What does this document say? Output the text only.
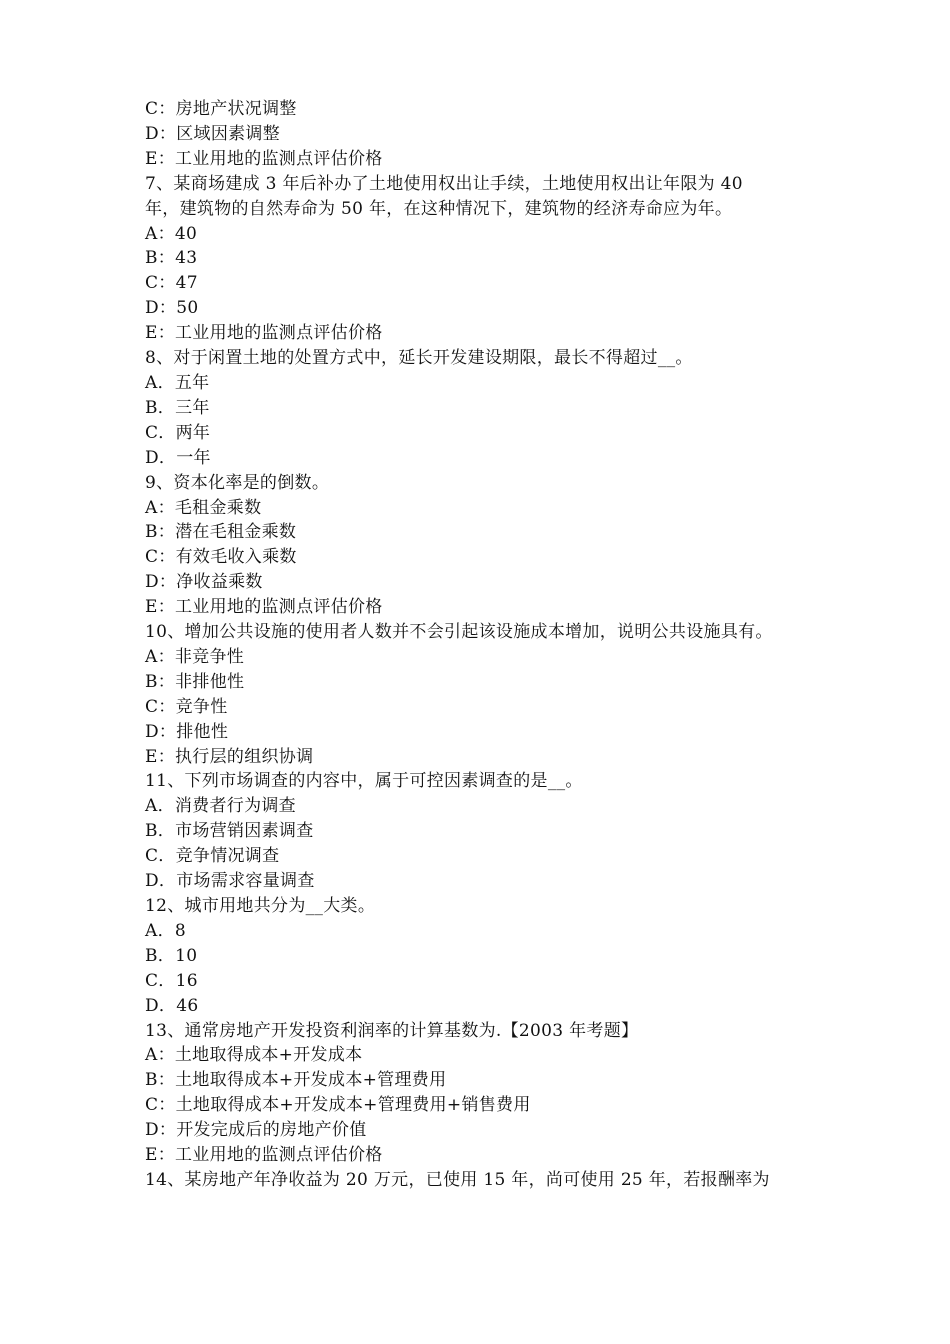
C：房地产状况调整
D：区域因素调整
E：工业用地的监测点评估价格
7、某商场建成 3 年后补办了土地使用权出让手续，土地使用权出让年限为 40
年，建筑物的自然寿命为 50 年，在这种情况下，建筑物的经济寿命应为年。
A：40
B：43
C：47
D：50
E：工业用地的监测点评估价格
8、对于闲置土地的处置方式中，延长开发建设期限，最长不得超过__。
A．五年
B．三年
C．两年
D．一年
9、资本化率是的倒数。
A：毛租金乘数
B：潜在毛租金乘数
C：有效毛收入乘数
D：净收益乘数
E：工业用地的监测点评估价格
10、增加公共设施的使用者人数并不会引起该设施成本增加，说明公共设施具有。
A：非竞争性
B：非排他性
C：竞争性
D：排他性
E：执行层的组织协调
11、下列市场调查的内容中，属于可控因素调查的是__。
A．消费者行为调查
B．市场营销因素调查
C．竞争情况调查
D．市场需求容量调查
12、城市用地共分为__大类。
A．8
B．10
C．16
D．46
13、通常房地产开发投资利润率的计算基数为.【2003 年考题】
A：土地取得成本+开发成本
B：土地取得成本+开发成本+管理费用
C：土地取得成本+开发成本+管理费用+销售费用
D：开发完成后的房地产价值
E：工业用地的监测点评估价格
14、某房地产年净收益为 20 万元，已使用 15 年，尚可使用 25 年，若报酬率为
